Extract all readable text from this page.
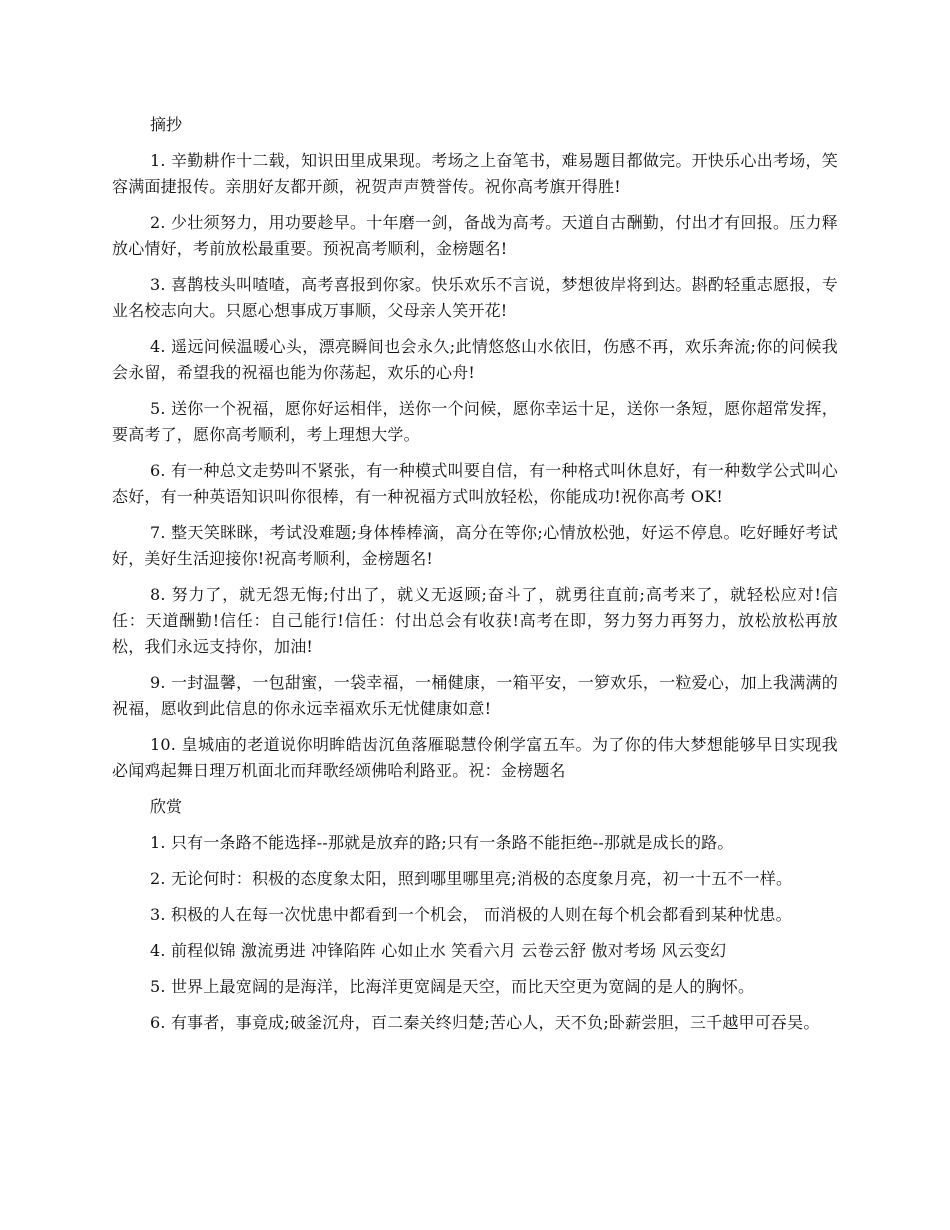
摘抄

1. 辛勤耕作十二载，知识田里成果现。考场之上奋笔书，难易题目都做完。开快乐心出考场，笑容满面捷报传。亲朋好友都开颜，祝贺声声赞誉传。祝你高考旗开得胜!

2. 少壮须努力，用功要趁早。十年磨一剑，备战为高考。天道自古酬勤，付出才有回报。压力释放心情好，考前放松最重要。预祝高考顺利，金榜题名!

3. 喜鹊枝头叫喳喳，高考喜报到你家。快乐欢乐不言说，梦想彼岸将到达。斟酌轻重志愿报，专业名校志向大。只愿心想事成万事顺，父母亲人笑开花!

4. 遥远问候温暖心头，漂亮瞬间也会永久;此情悠悠山水依旧，伤感不再，欢乐奔流;你的问候我会永留，希望我的祝福也能为你荡起，欢乐的心舟!

5. 送你一个祝福，愿你好运相伴，送你一个问候，愿你幸运十足，送你一条短，愿你超常发挥，要高考了，愿你高考顺利，考上理想大学。

6. 有一种总文走势叫不紧张，有一种模式叫要自信，有一种格式叫休息好，有一种数学公式叫心态好，有一种英语知识叫你很棒，有一种祝福方式叫放轻松，你能成功!祝你高考 OK!

7. 整天笑眯眯，考试没难题;身体棒棒滴，高分在等你;心情放松弛，好运不停息。吃好睡好考试好，美好生活迎接你!祝高考顺利，金榜题名!

8. 努力了，就无怨无悔;付出了，就义无返顾;奋斗了，就勇往直前;高考来了，就轻松应对!信任：天道酬勤!信任：自己能行!信任：付出总会有收获!高考在即，努力努力再努力，放松放松再放松，我们永远支持你，加油!

9. 一封温馨，一包甜蜜，一袋幸福，一桶健康，一箱平安，一箩欢乐，一粒爱心，加上我满满的祝福，愿收到此信息的你永远幸福欢乐无忧健康如意!

10. 皇城庙的老道说你明眸皓齿沉鱼落雁聪慧伶俐学富五车。为了你的伟大梦想能够早日实现我必闻鸡起舞日理万机面北而拜歌经颂佛哈利路亚。祝：金榜题名

欣赏

1. 只有一条路不能选择--那就是放弃的路;只有一条路不能拒绝--那就是成长的路。

2. 无论何时：积极的态度象太阳，照到哪里哪里亮;消极的态度象月亮，初一十五不一样。

3. 积极的人在每一次忧患中都看到一个机会， 而消极的人则在每个机会都看到某种忧患。

4. 前程似锦 激流勇进 冲锋陷阵 心如止水 笑看六月 云卷云舒 傲对考场 风云变幻

5. 世界上最宽阔的是海洋，比海洋更宽阔是天空，而比天空更为宽阔的是人的胸怀。

6. 有事者，事竟成;破釜沉舟，百二秦关终归楚;苦心人，天不负;卧薪尝胆，三千越甲可吞吴。
